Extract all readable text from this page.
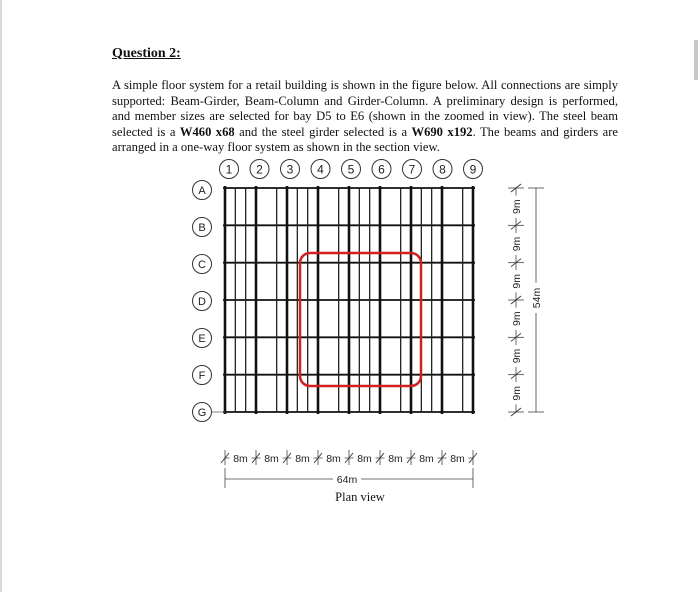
Question 2:

A simple floor system for a retail building is shown in the figure below. All connections are simply supported: Beam-Girder, Beam-Column and Girder-Column. A preliminary design is performed, and member sizes are selected for bay D5 to E6 (shown in the zoomed in view). The steel beam selected is a W460 x68 and the steel girder selected is a W690 x192. The beams and girders are arranged in a one-way floor system as shown in the section view.

1 2 3 4 5 6 7 8 9
A
B
C
D
E
F
G
8m 8m 8m 8m 8m 8m 8m 8m
64m
9m
9m
9m
9m
9m
9m
54m
Plan view
